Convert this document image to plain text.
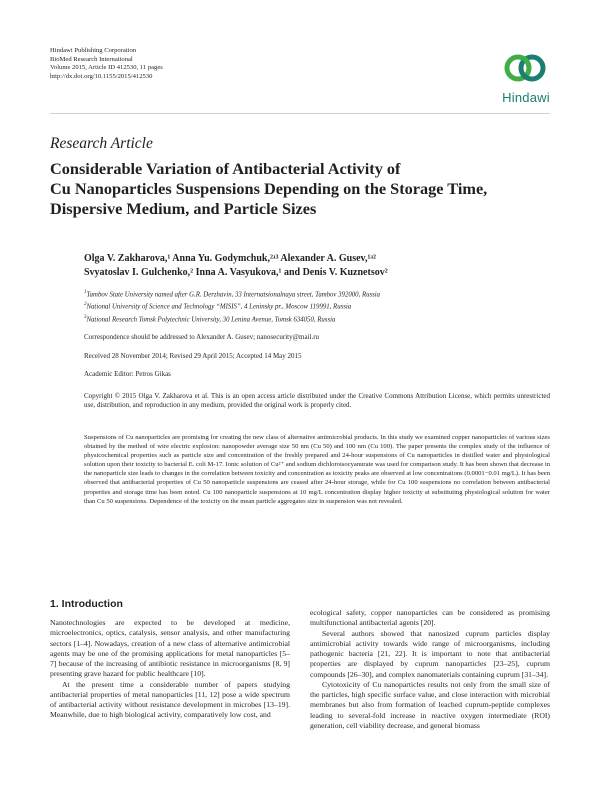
Hindawi Publishing Corporation
BioMed Research International
Volume 2015, Article ID 412530, 11 pages
http://dx.doi.org/10.1155/2015/412530
Hindawi
Research Article
Considerable Variation of Antibacterial Activity of
Cu Nanoparticles Suspensions Depending on the Storage Time,
Dispersive Medium, and Particle Sizes
Olga V. Zakharova,¹ Anna Yu. Godymchuk,²ʴ³ Alexander A. Gusev,¹ʴ²
Svyatoslav I. Gulchenko,² Inna A. Vasyukova,¹ and Denis V. Kuznetsov²
$^1$Tambov State University named after G.R. Derzhavin, 33 Internatsionalnaya street, Tambov 392000, Russia
$^2$National University of Science and Technology “MISIS”, 4 Leninsky pr., Moscow 119991, Russia
$^3$National Research Tomsk Polytechnic University, 30 Lenina Avenue, Tomsk 634050, Russia
Correspondence should be addressed to Alexander A. Gusev; nanosecurity@mail.ru
Received 28 November 2014; Revised 29 April 2015; Accepted 14 May 2015
Academic Editor: Petros Gikas
Copyright © 2015 Olga V. Zakharova et al. This is an open access article distributed under the Creative Commons Attribution License, which permits unrestricted use, distribution, and reproduction in any medium, provided the original work is properly cited.
Suspensions of Cu nanoparticles are promising for creating the new class of alternative antimicrobial products. In this study we examined copper nanoparticles of various sizes obtained by the method of wire electric explosion: nanopowder average size 50 nm (Cu 50) and 100 nm (Cu 100). The paper presents the complex study of the influence of physicochemical properties such as particle size and concentration of the freshly prepared and 24-hour suspensions of Cu nanoparticles in distilled water and physiological solution upon their toxicity to bacterial E. coli M-17. Ionic solution of Cu²⁺ and sodium dichloroisocyanurate was used for comparison study. It has been shown that decrease in the nanoparticle size leads to changes in the correlation between toxicity and concentration as toxicity peaks are observed at low concentrations (0.0001−0.01 mg/L). It has been observed that antibacterial properties of Cu 50 nanoparticle suspensions are ceased after 24-hour storage, while for Cu 100 suspensions no correlation between antibacterial properties and storage time has been noted. Cu 100 nanoparticle suspensions at 10 mg/L concentration display higher toxicity at substituting physiological solution for water than Cu 50 suspensions. Dependence of the toxicity on the mean particle aggregates size in suspension was not revealed.
1. Introduction

Nanotechnologies are expected to be developed at medicine, microelectronics, optics, catalysis, sensor analysis, and other manufacturing sectors [1–4]. Nowadays, creation of a new class of alternative antimicrobial agents may be one of the promising applications for metal nanoparticles [5–7] because of the increasing of antibiotic resistance in microorganisms [8, 9] presenting grave hazard for public healthcare [10].

At the present time a considerable number of papers studying antibacterial properties of metal nanoparticles [11, 12] pose a wide spectrum of antibacterial activity without resistance development in microbes [13–19]. Meanwhile, due to high biological activity, comparatively low cost, and

ecological safety, copper nanoparticles can be considered as promising multifunctional antibacterial agents [20].

Several authors showed that nanosized cuprum particles display antimicrobial activity towards wide range of microorganisms, including pathogenic bacteria [21, 22]. It is important to note that antibacterial properties are displayed by cuprum nanoparticles [23–25], cuprum compounds [26–30], and complex nanomaterials containing cuprum [31–34].

Cytotoxicity of Cu nanoparticles results not only from the small size of the particles, high specific surface value, and close interaction with microbial membranes but also from formation of leached cuprum-peptide complexes leading to several-fold increase in reactive oxygen intermediate (ROI) generation, cell viability decrease, and general biomass
